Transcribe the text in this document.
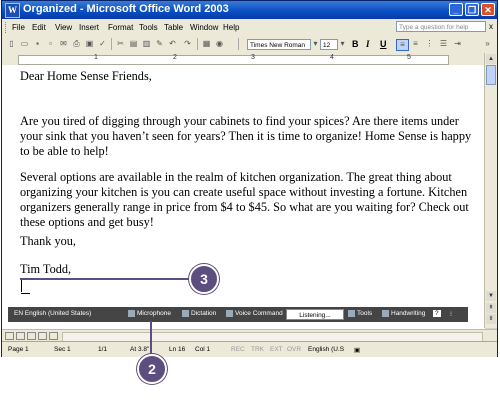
W Organized - Microsoft Office Word 2003	_	❐ ✕
File Edit View Insert Format Tools Table Window Help	Type a question for help	x
▯ ▭ ▪	▫	✉ ⎙ ▣ ✓ ✂ ▤ ▥ ✎ ↶ ↷ ▦ ◉	Times New Roman	▾ 12	▾ B I U	≡	≡ ⋮ ☰ ⇥	»
1	2	3	4	5

Dear Home Sense Friends,

Are you tired of digging through your cabinets to find your spices? Are there items under your sink that you haven’t seen for years? Then it is time to organize! Home Sense is happy to be able to help!

Several options are available in the realm of kitchen organization. The great thing about organizing your kitchen is you can create useful space without investing a fortune. Kitchen organizers generally range in price from $4 to $45. So what are you waiting for? Check out these options and get busy!

Thank you,

Tim Todd,

▲
▼
⇞
⇟
EN English (United States)	Microphone	Dictation	Voice Command	Listening...	Tools	Handwriting	?	⁝
Page 1	Sec 1	1/1	At 3.8"	Ln 16 Col 1	REC TRK EXT OVR English (U.S ▣
3
2
